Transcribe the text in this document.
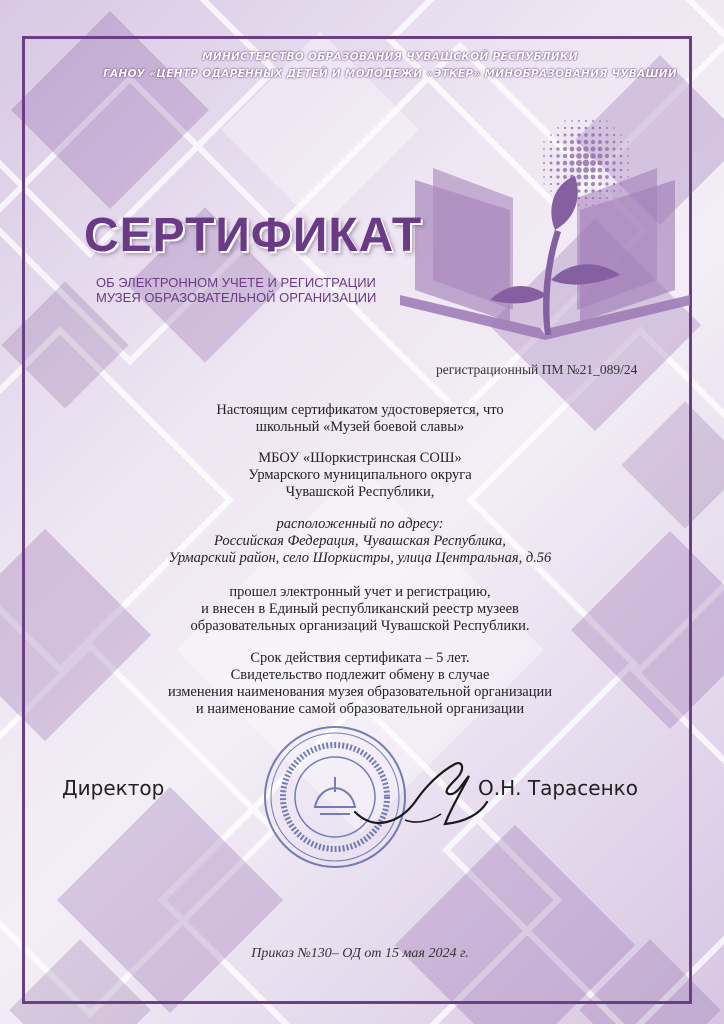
МИНИСТЕРСТВО ОБРАЗОВАНИЯ ЧУВАШСКОЙ РЕСПУБЛИКИ

ГАНОУ «ЦЕНТР ОДАРЕННЫХ ДЕТЕЙ И МОЛОДЕЖИ «ЭТКЕР» МИНОБРАЗОВАНИЯ ЧУВАШИИ

СЕРТИФИКАТ

ОБ ЭЛЕКТРОННОМ УЧЕТЕ И РЕГИСТРАЦИИ

МУЗЕЯ ОБРАЗОВАТЕЛЬНОЙ ОРГАНИЗАЦИИ

регистрационный ПМ №21_089/24

Настоящим сертификатом удостоверяется, что

школьный «Музей боевой славы»

МБОУ «Шоркистринская СОШ»

Урмарского муниципального округа

Чувашской Республики,

расположенный по адресу:

Российская Федерация, Чувашская Республика,

Урмарский район, село Шоркистры, улица Центральная, д.56

прошел электронный учет и регистрацию,

и внесен в Единый республиканский реестр музеев

образовательных организаций Чувашской Республики.

Срок действия сертификата – 5 лет.

Свидетельство подлежит обмену в случае

изменения наименования музея образовательной организации

и наименование самой образовательной организации

Директор	О.Н. Тарасенко

Приказ №130– ОД от 15 мая 2024 г.
